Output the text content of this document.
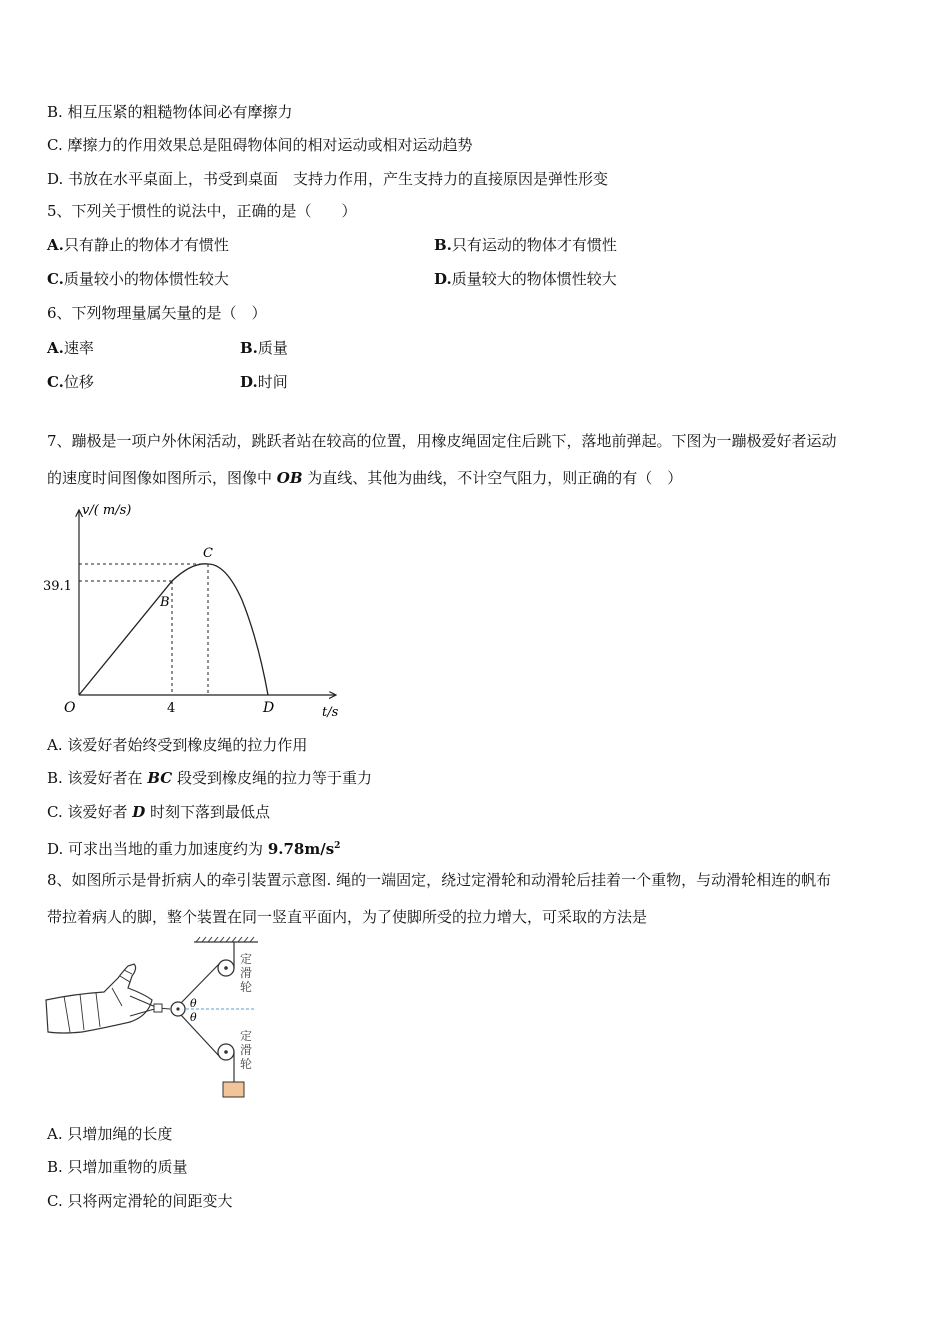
B. 相互压紧的粗糙物体间必有摩擦力
C. 摩擦力的作用效果总是阻碍物体间的相对运动或相对运动趋势
D. 书放在水平桌面上，书受到桌面　支持力作用，产生支持力的直接原因是弹性形变
5、下列关于惯性的说法中，正确的是（　　）
A.只有静止的物体才有惯性	B.只有运动的物体才有惯性
C.质量较小的物体惯性较大	D.质量较大的物体惯性较大
6、下列物理量属矢量的是（　）
A.速率	B.质量
C.位移	D.时间
7、蹦极是一项户外休闲活动，跳跃者站在较高的位置，用橡皮绳固定住后跳下，落地前弹起。下图为一蹦极爱好者运动
的速度时间图像如图所示，图像中 OB 为直线、其他为曲线，不计空气阻力，则正确的有（　）
v/( m/s)
39.1
B
C
O	4	D	t/s
A. 该爱好者始终受到橡皮绳的拉力作用
B. 该爱好者在 BC 段受到橡皮绳的拉力等于重力
C. 该爱好者 D 时刻下落到最低点
D. 可求出当地的重力加速度约为 $9.78m/s^2$
8、如图所示是骨折病人的牵引装置示意图. 绳的一端固定，绕过定滑轮和动滑轮后挂着一个重物，与动滑轮相连的帆布
带拉着病人的脚，整个装置在同一竖直平面内，为了使脚所受的拉力增大，可采取的方法是
θ
θ
定
滑
轮
定
滑
轮
A. 只增加绳的长度
B. 只增加重物的质量
C. 只将两定滑轮的间距变大
